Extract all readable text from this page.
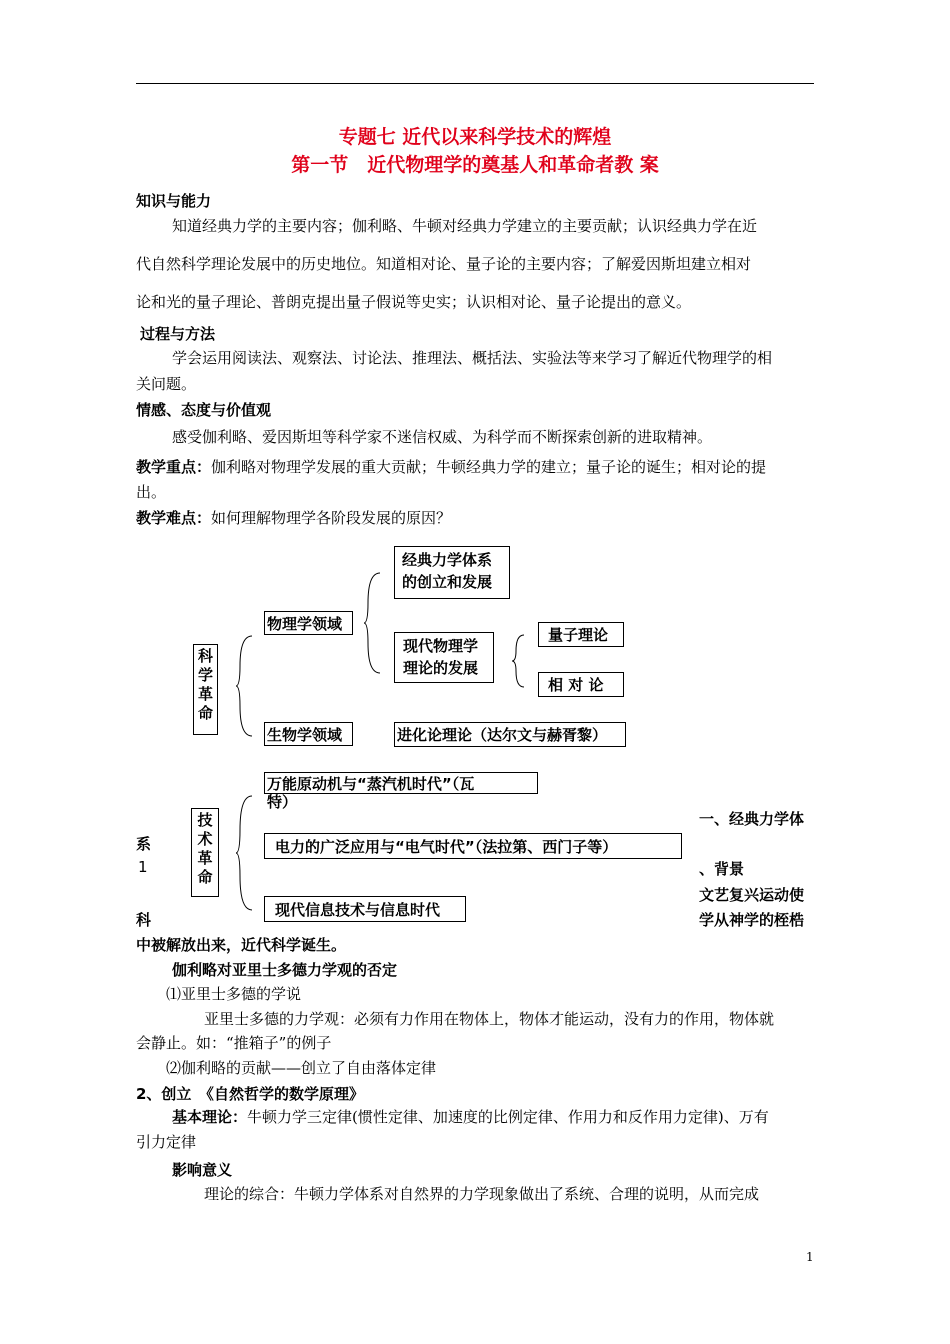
专题七 近代以来科学技术的辉煌
第一节　近代物理学的奠基人和革命者教 案
知识与能力
知道经典力学的主要内容；伽利略、牛顿对经典力学建立的主要贡献；认识经典力学在近
代自然科学理论发展中的历史地位。知道相对论、量子论的主要内容；了解爱因斯坦建立相对
论和光的量子理论、普朗克提出量子假说等史实；认识相对论、量子论提出的意义。
过程与方法
学会运用阅读法、观察法、讨论法、推理法、概括法、实验法等来学习了解近代物理学的相
关问题。
情感、态度与价值观
感受伽利略、爱因斯坦等科学家不迷信权威、为科学而不断探索创新的进取精神。
教学重点：伽利略对物理学发展的重大贡献；牛顿经典力学的建立；量子论的诞生；相对论的提
出。
教学难点：如何理解物理学各阶段发展的原因？
科学革命
物理学领域
经典力学体系
的创立和发展
现代物理学
理论的发展
量子理论
相 对 论
生物学领域	进化论理论（达尔文与赫胥黎）
技术革命
万能原动机与“蒸汽机时代”（瓦
特）
电力的广泛应用与“电气时代”（法拉第、西门子等）
现代信息技术与信息时代
一、经典力学体
、背景
文艺复兴运动使
学从神学的桎梏
系
1
科
中被解放出来，近代科学诞生。
伽利略对亚里士多德力学观的否定
⑴亚里士多德的学说
亚里士多德的力学观：必须有力作用在物体上，物体才能运动，没有力的作用，物体就
会静止。如：“推箱子”的例子
⑵伽利略的贡献——创立了自由落体定律
2、创立　《自然哲学的数学原理》
基本理论：牛顿力学三定律(惯性定律、加速度的比例定律、作用力和反作用力定律)、万有
引力定律
影响意义
理论的综合：牛顿力学体系对自然界的力学现象做出了系统、合理的说明，从而完成
1
